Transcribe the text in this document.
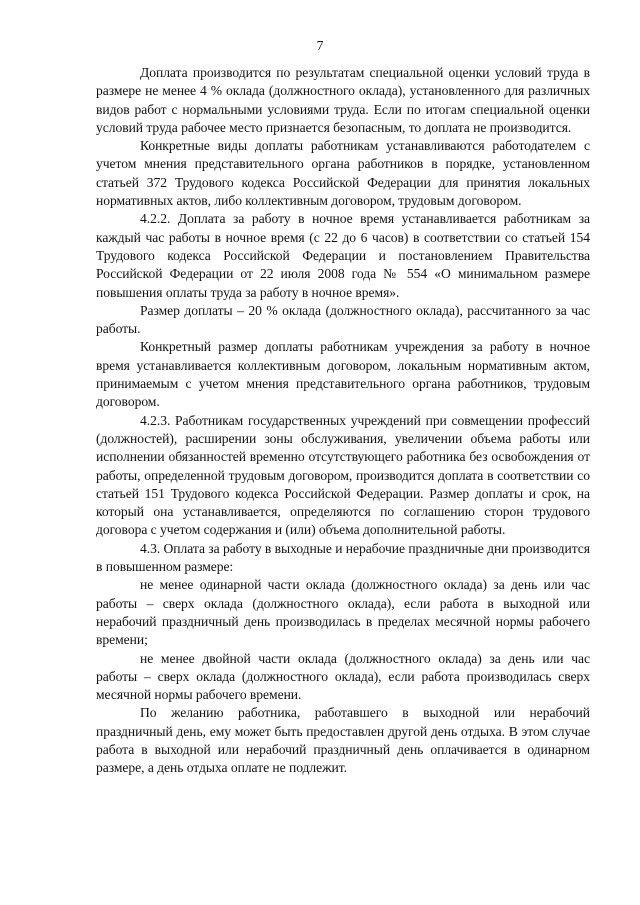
7

Доплата производится по результатам специальной оценки условий труда в размере не менее 4 % оклада (должностного оклада), установленного для различных видов работ с нормальными условиями труда. Если по итогам специальной оценки условий труда рабочее место признается безопасным, то доплата не производится.

Конкретные виды доплаты работникам устанавливаются работодателем с учетом мнения представительного органа работников в порядке, установленном статьей 372 Трудового кодекса Российской Федерации для принятия локальных нормативных актов, либо коллективным договором, трудовым договором.

4.2.2. Доплата за работу в ночное время устанавливается работникам за каждый час работы в ночное время (с 22 до 6 часов) в соответствии со статьей 154 Трудового кодекса Российской Федерации и постановлением Правительства Российской Федерации от 22 июля 2008 года № 554 «О минимальном размере повышения оплаты труда за работу в ночное время».

Размер доплаты – 20 % оклада (должностного оклада), рассчитанного за час работы.

Конкретный размер доплаты работникам учреждения за работу в ночное время устанавливается коллективным договором, локальным нормативным актом, принимаемым с учетом мнения представительного органа работников, трудовым договором.

4.2.3. Работникам государственных учреждений при совмещении профессий (должностей), расширении зоны обслуживания, увеличении объема работы или исполнении обязанностей временно отсутствующего работника без освобождения от работы, определенной трудовым договором, производится доплата в соответствии со статьей 151 Трудового кодекса Российской Федерации. Размер доплаты и срок, на который она устанавливается, определяются по соглашению сторон трудового договора с учетом содержания и (или) объема дополнительной работы.

4.3. Оплата за работу в выходные и нерабочие праздничные дни производится в повышенном размере:

не менее одинарной части оклада (должностного оклада) за день или час работы – сверх оклада (должностного оклада), если работа в выходной или нерабочий праздничный день производилась в пределах месячной нормы рабочего времени;

не менее двойной части оклада (должностного оклада) за день или час работы – сверх оклада (должностного оклада), если работа производилась сверх месячной нормы рабочего времени.

По желанию работника, работавшего в выходной или нерабочий праздничный день, ему может быть предоставлен другой день отдыха. В этом случае работа в выходной или нерабочий праздничный день оплачивается в одинарном размере, а день отдыха оплате не подлежит.
